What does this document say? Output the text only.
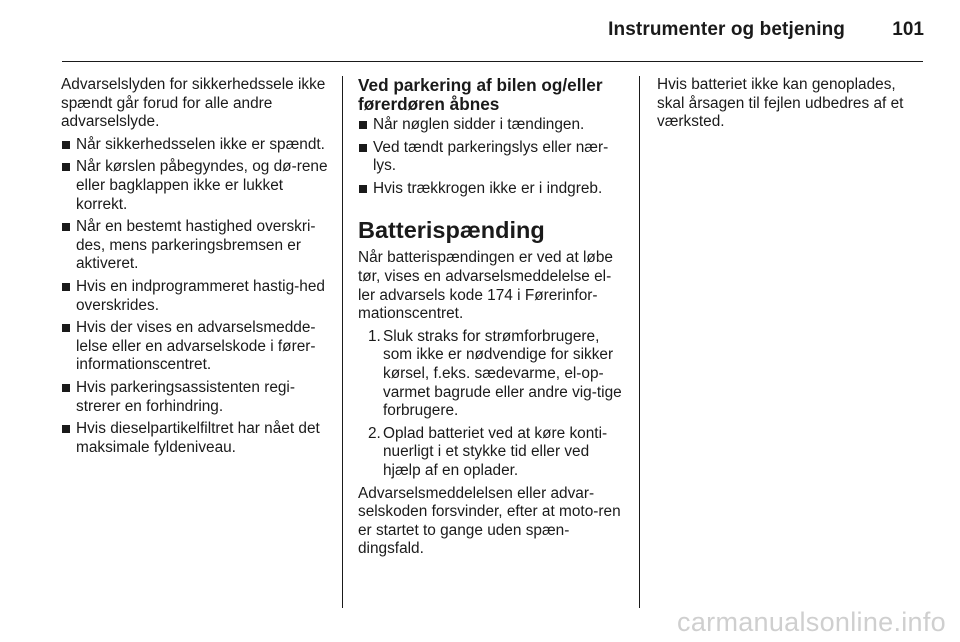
Instrumenter og betjening 101

Advarselslyden for sikkerhedssele ikke spændt går forud for alle andre advarselslyde.

Når sikkerhedsselen ikke er spændt.
Når kørslen påbegyndes, og dø-rene eller bagklappen ikke er lukket korrekt.
Når en bestemt hastighed overskri-des, mens parkeringsbremsen er aktiveret.
Hvis en indprogrammeret hastig-hed overskrides.
Hvis der vises en advarselsmedde-lelse eller en advarselskode i fører-informationscentret.
Hvis parkeringsassistenten regi-strerer en forhindring.
Hvis dieselpartikelfiltret har nået det maksimale fyldeniveau.
Ved parkering af bilen og/eller førerdøren åbnes
Når nøglen sidder i tændingen.
Ved tændt parkeringslys eller nær-lys.
Hvis trækkrogen ikke er i indgreb.
Batterispænding

Når batterispændingen er ved at løbe tør, vises en advarselsmeddelelse el-ler advarsels kode 174 i Førerinfor-mationscentret.

1. Sluk straks for strømforbrugere, som ikke er nødvendige for sikker kørsel, f.eks. sædevarme, el-op-varmet bagrude eller andre vig-tige forbrugere.
2. Oplad batteriet ved at køre konti-nuerligt i et stykke tid eller ved hjælp af en oplader.

Advarselsmeddelelsen eller advar-selskoden forsvinder, efter at moto-ren er startet to gange uden spæn-dingsfald.

Hvis batteriet ikke kan genoplades, skal årsagen til fejlen udbedres af et værksted.

carmanualsonline.info
